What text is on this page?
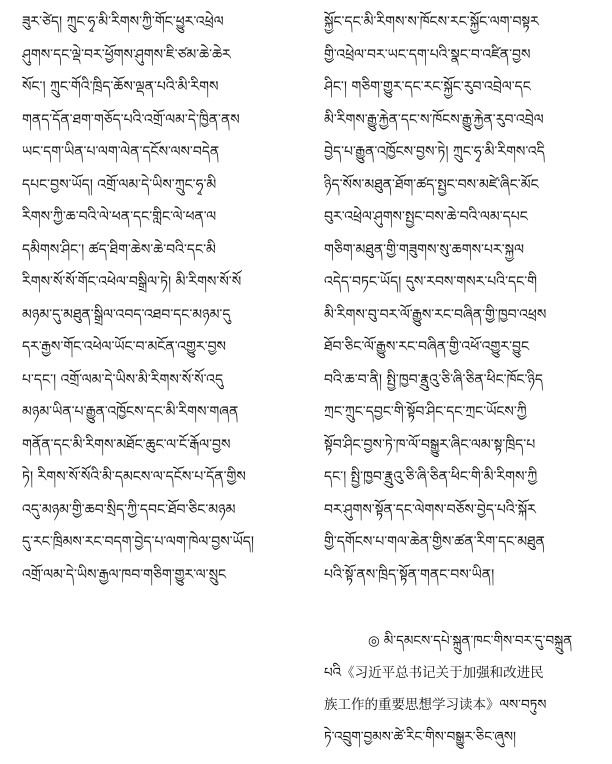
ཟུར་ཙེད། ཀྲུང་ཧྭ་མི་རིགས་ཀྱི་གོང་ཕྱུར་འཕྲེལ
ཤུགས་དང་ལྡེ་བར་ཕྱོགས་ཤུགས་ཇི་ཙམ་ཆེ་ཆེར
སོང་། ཀྲུང་གོའི་ཁྲིད་ཆོས་ལྡན་པའི་མི་རིགས
གནད་དོན་ཐག་གཅོད་པའི་འགྲོ་ལམ་དེ་ཁྱིན་ནས
ཡང་དག་ཡིན་པ་ལག་ལེན་དངོས་ལས་བདེན
དཔང་བྱས་ཡོད། འགྲོ་ལམ་དེ་ཡིས་ཀྲུང་ཧྭ་མི
རིགས་ཀྱི་ཆ་བའི་ལེ་ཕན་དང་གླིང་ལེ་ཕན་ལ
དམིགས་ཤིང་། ཚད་ཐིག་ཆེས་ཆེ་བའི་དང་མི
རིགས་སོ་སོ་གོང་འཕེལ་བསྒྲིལ་ཏེ། མི་རིགས་སོ་སོ
མཉམ་དུ་མཐུན་སྒྲིལ་འབད་འཐབ་དང་མཉམ་དུ
དར་རྒྱས་གོང་འཕེལ་ཡོང་བ་མངོན་འགྱུར་བྱས
པ་དང་། འགྲོ་ལམ་དེ་ཡིས་མི་རིགས་སོ་སོ་འདུ
མཉམ་ཡིན་པ་རྒྱུན་འཁྱོངས་དང་མི་རིགས་གཞན
གནོན་དང་མི་རིགས་མཐོང་ཆུང་ལ་ངོ་རྒོལ་བྱས
ཏེ། རིགས་སོ་སོའི་མི་དམངས་ལ་དངོས་པ་དོན་གྱིས
འདུ་མཉམ་གྱི་ཆབ་སྲིད་ཀྱི་དབང་ཐོབ་ཅིང་མཉམ
དུ་རང་ཁྲིམས་རང་བདག་བྱེད་པ་ལག་ཁེལ་བྱས་ཡོད།
འགྲོ་ལམ་དེ་ཡིས་རྒྱལ་ཁབ་གཅིག་གྱུར་ལ་སྲུང
སྐྱོང་དང་མི་རིགས་ས་ཁོངས་རང་སྐྱོང་ལག་བསྟར
གྱི་འཕྲེལ་བར་ཡང་དག་པའི་སྣང་བ་འཛིན་བྱས
ཤིང་། གཅིག་གྱུར་དང་རང་སྐྱོང་རུབ་འབྲེལ་དང
མི་རིགས་རྒྱུ་རྐྱེན་དང་ས་ཁོངས་རྒྱུ་རྐྱེན་རུབ་འབྲེལ
བྱེད་པ་རྒྱུན་འཁྱོངས་བྱས་ཏེ། ཀྲུང་ཧྭ་མི་རིགས་འདི
ཉིད་སོས་མཐུན་ཐོག་ཚད་སྤྱང་བས་མཛེ་ཞིང་མོང
བུར་འཕྲེལ་ཤུགས་སྤྱང་བས་ཆེ་བའི་ལམ་དཔང
གཅིག་མཐུན་གྱི་གཟུགས་སུ་ཆགས་པར་སྐྱལ
འདེད་བཏང་ཡོད། དུས་རབས་གསར་པའི་དང་གི
མི་རིགས་བུ་བར་ལོ་རྒྱུས་རང་བཞིན་གྱི་ཁྱབ་འཕྲས
ཐོབ་ཅིང་ལོ་རྒྱུས་རང་བཞིན་གྱི་འཕོ་འགྱུར་བྱུང
བའི་ཆ་བ་ནི། སྤྱི་ཁྱབ་རྣྲུའུ་ཅི་ཞི་ཅིན་ཕིང་ཁོང་ཉིད
ཀྲང་ཀྲུང་དབྱང་གི་སྟོབ་ཤིང་དང་ཀྲང་ཡོངས་ཀྱི
སྟོབ་ཤིང་བྱས་ཏེ་ཁ་ལོ་བསྒྱུར་ཞིང་ལམ་སྟ་ཁྲིད་པ
དང་། སྤྱི་ཁྱབ་རྣྲུའུ་ཅི་ཞི་ཅིན་ཕིང་གི་མི་རིགས་ཀྱི
བར་ཤུགས་སྟོན་དང་ལེགས་བཅོས་བྱེད་པའི་སྐོར
གྱི་དགོངས་པ་གལ་ཆེན་གྱིས་ཚན་རིག་དང་མཐུན
པའི་སྟོ་ནས་ཁྲིད་སྟོན་གནང་བས་ཡིན།
◎ མི་དམངས་དཔེ་སྐྲུན་ཁང་གིས་བར་དུ་བསྐྲུན
པའི《习近平总书记关于加强和改进民
族工作的重要思想学习读本》ལས་བཏུས
ཏེ་འབྲུག་བྱམས་ཚེ་རིང་གིས་བསྒྱུར་ཅིང་ཞུས།
